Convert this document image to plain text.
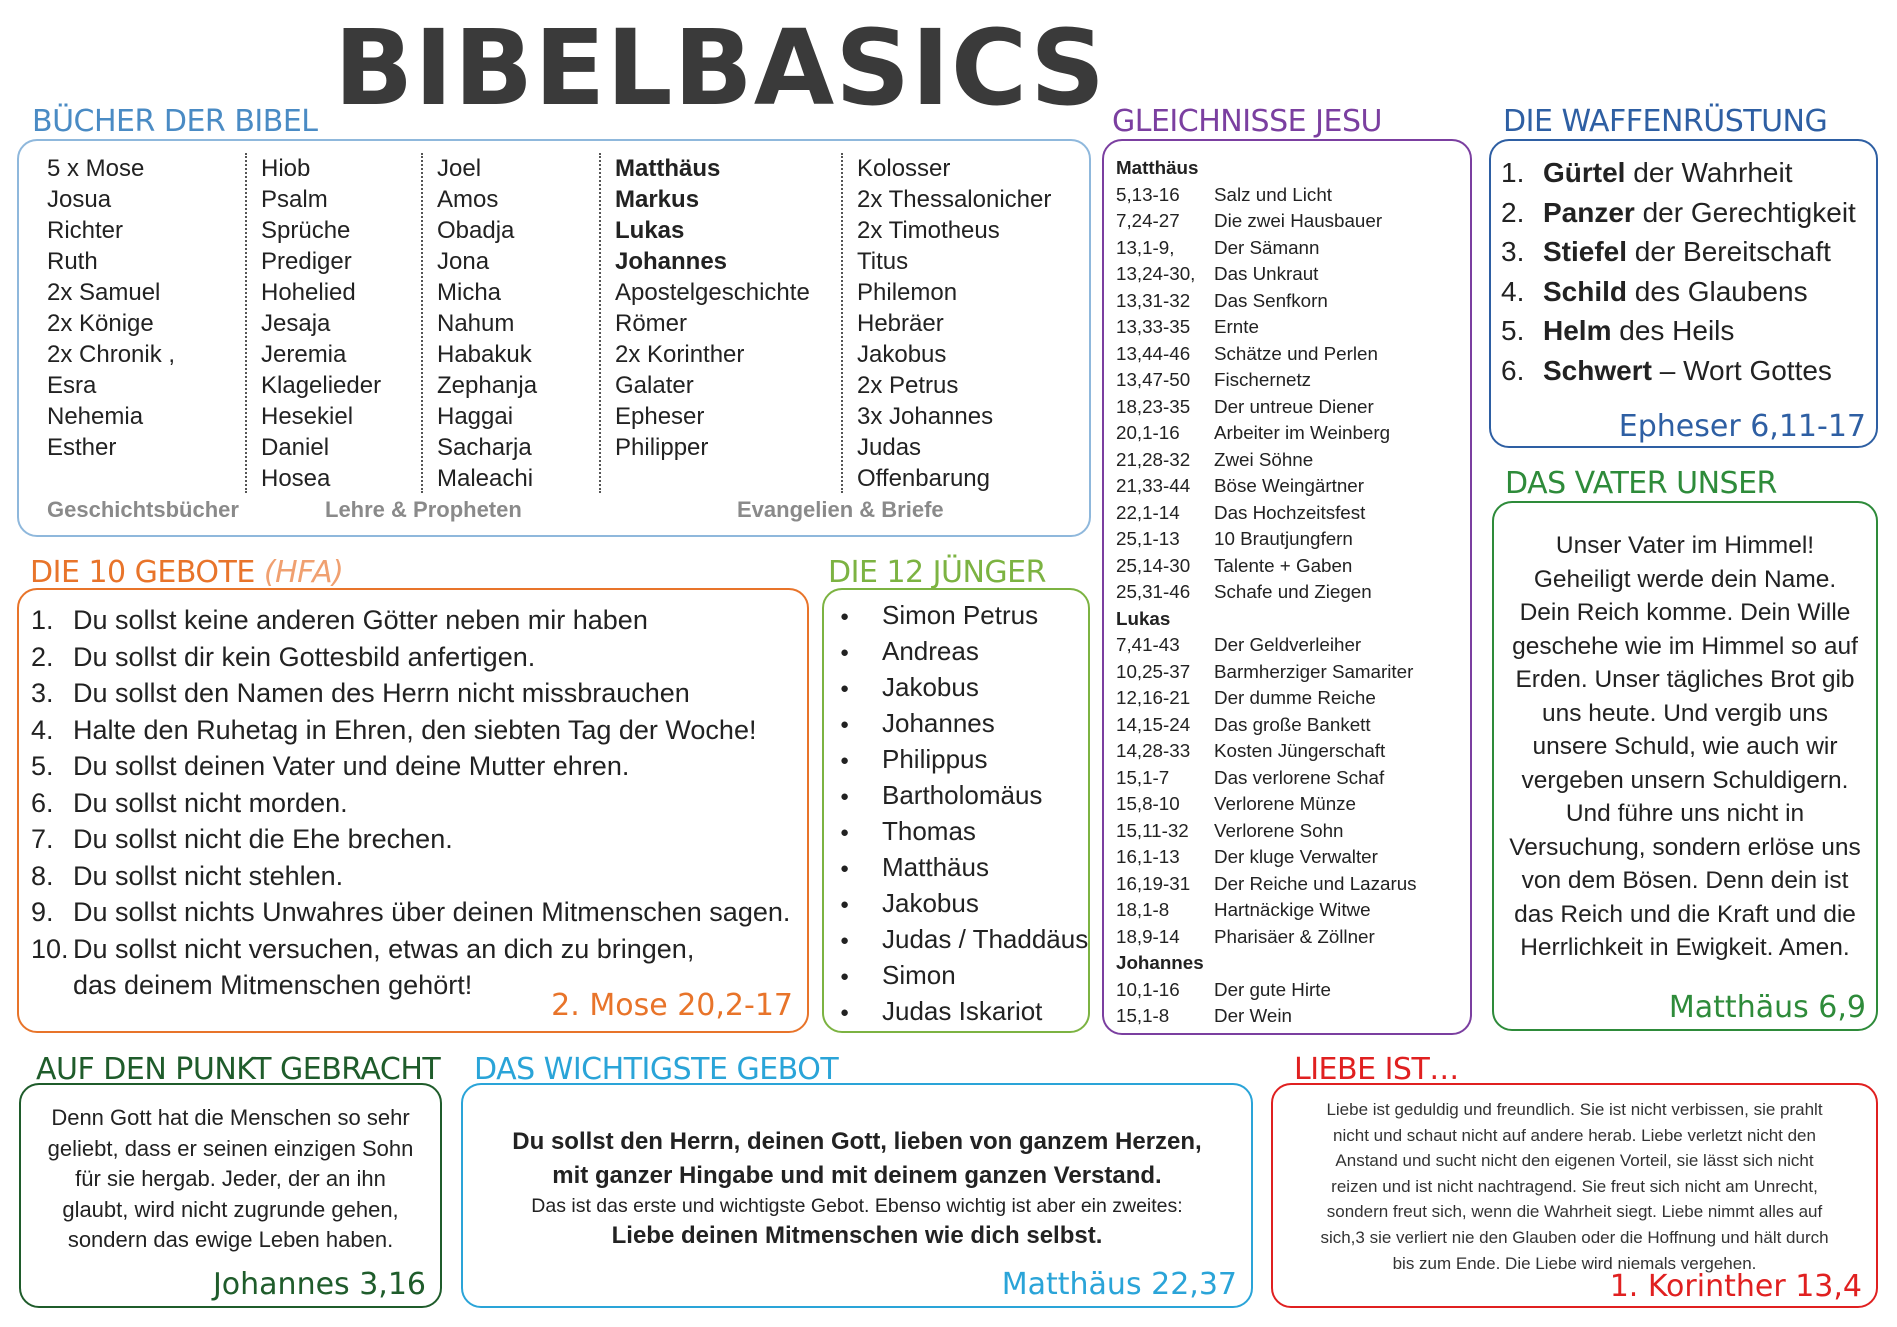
BIBELBASICS
BÜCHER DER BIBEL
5 x Mose
Josua
Richter
Ruth
2x Samuel
2x Könige
2x Chronik ,
Esra
Nehemia
Esther
Hiob
Psalm
Sprüche
Prediger
Hohelied
Jesaja
Jeremia
Klagelieder
Hesekiel
Daniel
Hosea
Joel
Amos
Obadja
Jona
Micha
Nahum
Habakuk
Zephanja
Haggai
Sacharja
Maleachi
Matthäus
Markus
Lukas
Johannes
Apostelgeschichte
Römer
2x Korinther
Galater
Epheser
Philipper
Kolosser
2x Thessalonicher
2x Timotheus
Titus
Philemon
Hebräer
Jakobus
2x Petrus
3x Johannes
Judas
Offenbarung
Geschichtsbücher	Lehre & Propheten	Evangelien & Briefe
GLEICHNISSE JESU
Matthäus
5,13-16	Salz und Licht
7,24-27	Die zwei Hausbauer
13,1-9,	Der Sämann
13,24-30, Das Unkraut
13,31-32	Das Senfkorn
13,33-35	Ernte
13,44-46	Schätze und Perlen
13,47-50	Fischernetz
18,23-35	Der untreue Diener
20,1-16	Arbeiter im Weinberg
21,28-32	Zwei Söhne
21,33-44	Böse Weingärtner
22,1-14	Das Hochzeitsfest
25,1-13	10 Brautjungfern
25,14-30	Talente + Gaben
25,31-46	Schafe und Ziegen
Lukas
7,41-43	Der Geldverleiher
10,25-37	Barmherziger Samariter
12,16-21	Der dumme Reiche
14,15-24	Das große Bankett
14,28-33	Kosten Jüngerschaft
15,1-7	Das verlorene Schaf
15,8-10	Verlorene Münze
15,11-32	Verlorene Sohn
16,1-13	Der kluge Verwalter
16,19-31	Der Reiche und Lazarus
18,1-8	Hartnäckige Witwe
18,9-14	Pharisäer & Zöllner
Johannes
10,1-16	Der gute Hirte
15,1-8	Der Wein
DIE WAFFENRÜSTUNG
1. Gürtel der Wahrheit
2. Panzer der Gerechtigkeit
3. Stiefel der Bereitschaft
4. Schild des Glaubens
5. Helm des Heils
6. Schwert – Wort Gottes
Epheser 6,11-17
DAS VATER UNSER
Unser Vater im Himmel!
Geheiligt werde dein Name.
Dein Reich komme. Dein Wille
geschehe wie im Himmel so auf
Erden. Unser tägliches Brot gib
uns heute. Und vergib uns
unsere Schuld, wie auch wir
vergeben unsern Schuldigern.
Und führe uns nicht in
Versuchung, sondern erlöse uns
von dem Bösen. Denn dein ist
das Reich und die Kraft und die
Herrlichkeit in Ewigkeit. Amen.
Matthäus 6,9
DIE 10 GEBOTE (HFA)
1. Du sollst keine anderen Götter neben mir haben
2. Du sollst dir kein Gottesbild anfertigen.
3. Du sollst den Namen des Herrn nicht missbrauchen
4. Halte den Ruhetag in Ehren, den siebten Tag der Woche!
5. Du sollst deinen Vater und deine Mutter ehren.
6. Du sollst nicht morden.
7. Du sollst nicht die Ehe brechen.
8. Du sollst nicht stehlen.
9. Du sollst nichts Unwahres über deinen Mitmenschen sagen.
10. Du sollst nicht versuchen, etwas an dich zu bringen,
das deinem Mitmenschen gehört!
2. Mose 20,2-17
DIE 12 JÜNGER
● Simon Petrus
● Andreas
● Jakobus
● Johannes
● Philippus
● Bartholomäus
● Thomas
● Matthäus
● Jakobus
● Judas / Thaddäus
● Simon
● Judas Iskariot
AUF DEN PUNKT GEBRACHT
Denn Gott hat die Menschen so sehr
geliebt, dass er seinen einzigen Sohn
für sie hergab. Jeder, der an ihn
glaubt, wird nicht zugrunde gehen,
sondern das ewige Leben haben.
Johannes 3,16
DAS WICHTIGSTE GEBOT
Du sollst den Herrn, deinen Gott, lieben von ganzem Herzen,
mit ganzer Hingabe und mit deinem ganzen Verstand.
Das ist das erste und wichtigste Gebot. Ebenso wichtig ist aber ein zweites:
Liebe deinen Mitmenschen wie dich selbst.
Matthäus 22,37
LIEBE IST…
Liebe ist geduldig und freundlich. Sie ist nicht verbissen, sie prahlt
nicht und schaut nicht auf andere herab. Liebe verletzt nicht den
Anstand und sucht nicht den eigenen Vorteil, sie lässt sich nicht
reizen und ist nicht nachtragend. Sie freut sich nicht am Unrecht,
sondern freut sich, wenn die Wahrheit siegt. Liebe nimmt alles auf
sich,3 sie verliert nie den Glauben oder die Hoffnung und hält durch
bis zum Ende. Die Liebe wird niemals vergehen.
1. Korinther 13,4
